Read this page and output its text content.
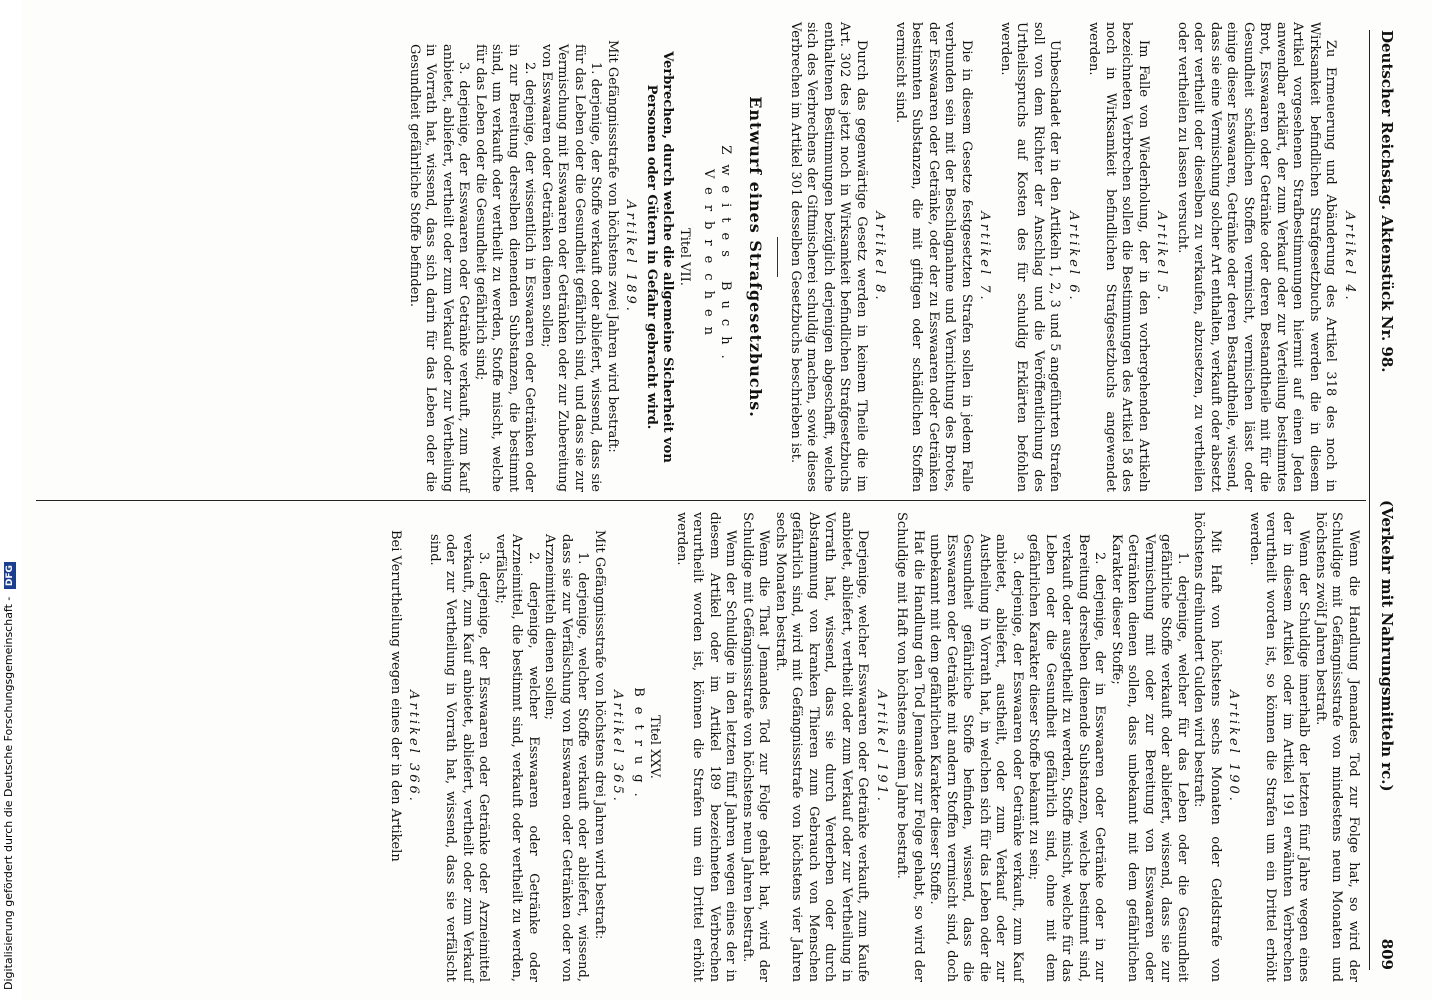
Digitalisierung gefördert durch die Deutsche Forschungsgemeinschaft - DFG
Deutscher Reichstag. Aktenstück Nr. 98.
(Verkehr mit Nahrungsmitteln rc.)
809
Artikel 4.

Zu Ermeuerung und Abänderung des Artikel 318 des noch in Wirksamkeit befindlichen Strafgesetzbuchs werden die in diesem Artikel vorgesehenen Strafbestimmungen hiermit auf einen Jeden anwendbar erklärt, der zum Verkauf oder zur Verteilung bestimmtes Brot, Esswaaren oder Getränke oder deren Bestandtheile mit für die Gesundheit schädlichen Stoffen vermischt, vermischen lässt oder einige dieser Esswaaren, Getränke oder deren Bestandtheile, wissend, dass sie eine Vermischung solcher Art enthalten, verkauft oder absetzt oder vertheilt oder dieselben zu verkaufen, abzusetzen, zu vertheilen oder vertheilen zu lassen versucht.

Artikel 5.

Im Falle von Wiederholung, der in den vorhergehenden Artikeln bezeichneten Verbrechen sollen die Bestimmungen des Artikel 58 des noch in Wirksamkeit befindlichen Strafgesetzbuchs angewendet werden.

Artikel 6.

Unbeschadet der in den Artikeln 1, 2, 3 und 5 angeführten Strafen soll von dem Richter der Anschlag und die Veröffentlichung des Urtheilsspruchs auf Kosten des für schuldig Erklärten befohlen werden.

Artikel 7.

Die in diesem Gesetze festgesetzten Strafen sollen in jedem Falle verbunden sein mit der Beschlagnahme und Vernichtung des Brotes, der Esswaaren oder Getränke, oder der zu Esswaaren oder Getränken bestimmten Substanzen, die mit giftigen oder schädlichen Stoffen vermischt sind.

Artikel 8.

Durch das gegenwärtige Gesetz werden in keinem Theile die im Art. 302 des jetzt noch in Wirksamkeit befindlichen Strafgesetzbuchs enthaltenen Bestimmungen bezüglich derjenigen abgeschafft, welche sich des Verbrechens der Giftmischerei schuldig machen, sowie dieses Verbrechen im Artikel 301 desselben Gesetzbuchs beschrieben ist.

Entwurf eines Strafgesetzbuchs.
Zweites Buch.
Verbrechen
Titel VII.
Verbrechen, durch welche die allgemeine Sicherheit von Personen oder Gütern in Gefahr gebracht wird.
Artikel 189.

Mit Gefängnissstrafe von höchstens zwei Jahren wird bestraft:

1. derjenige, der Stoffe verkauft oder abliefert, wissend, dass sie für das Leben oder die Gesundheit gefährlich sind, und dass sie zur Vermischung mit Esswaaren oder Getränken oder zur Zubereitung von Esswaaren oder Getränken dienen sollen;

2. derjenige, der wissentlich in Esswaaren oder Getränken oder in zur Bereitung derselben dienenden Substanzen, die bestimmt sind, um verkauft oder vertheilt zu werden, Stoffe mischt, welche für das Leben oder die Gesundheit gefährlich sind;

3. derjenige, der Esswaaren oder Getränke verkauft, zum Kauf anbietet, abliefert, vertheilt oder zum Verkauf oder zur Vertheilung in Vorrath hat, wissend, dass sich darin für das Leben oder die Gesundheit gefährliche Stoffe befinden.

Wenn die Handlung Jemandes Tod zur Folge hat, so wird der Schuldige mit Gefängnissstrafe von mindestens neun Monaten und höchstens zwölf Jahren bestraft.

Wenn der Schuldige innerhalb der letzten fünf Jahre wegen eines der in diesem Artikel oder im Artikel 191 erwähnten Verbrechen verurtheilt worden ist, so können die Strafen um ein Drittel erhöht werden.

Artikel 190.

Mit Haft von höchstens sechs Monaten oder Geldstrafe von höchstens dreihundert Gulden wird bestraft:

1. derjenige, welcher für das Leben oder die Gesundheit gefährliche Stoffe verkauft oder abliefert, wissend, dass sie zur Vermischung mit oder zur Bereitung von Esswaaren oder Getränken dienen sollen, dass unbekannt mit dem gefährlichen Karakter dieser Stoffe;

2. derjenige, der in Esswaaren oder Getränke oder in zur Bereitung derselben dienende Substanzen, welche bestimmt sind, verkauft oder ausgetheilt zu werden, Stoffe mischt, welche für das Leben oder die Gesundheit gefährlich sind, ohne mit dem gefährlichen Karakter dieser Stoffe bekannt zu sein;

3. derjenige, der Esswaaren oder Getränke verkauft, zum Kauf anbietet, abliefert, austheilt, oder zum Verkauf oder zur Austheilung in Vorrath hat, in welchen sich für das Leben oder die Gesundheit gefährliche Stoffe befinden, wissend, dass die Esswaaren oder Getränke mit andern Stoffen vermischt sind, doch unbekannt mit dem gefährlichen Karakter dieser Stoffe.

Hat die Handlung den Tod Jemandes zur Folge gehabt, so wird der Schuldige mit Haft von höchstens einem Jahre bestraft.

Artikel 191.

Derjenige, welcher Esswaaren oder Getränke verkauft, zum Kaufe anbietet, abliefert, vertheilt oder zum Verkauf oder zur Vertheilung in Vorrath hat, wissend, dass sie durch Verderben oder durch Abstammung von kranken Thieren zum Gebrauch von Menschen gefährlich sind, wird mit Gefängnissstrafe von höchstens vier Jahren sechs Monaten bestraft.

Wenn die That Jemandes Tod zur Folge gehabt hat, wird der Schuldige mit Gefängnissstrafe von höchstens neun Jahren bestraft.

Wenn der Schuldige in den letzten fünf Jahren wegen eines der in diesem Artikel oder im Artikel 189 bezeichneten Verbrechen verurtheilt worden ist, können die Strafen um ein Drittel erhöht werden.

Titel XXV.
Betrug.
Artikel 365.

Mit Gefängnissstrafe von höchstens drei Jahren wird bestraft:

1. derjenige, welcher Stoffe verkauft oder abliefert, wissend, dass sie zur Verfälschung von Esswaaren oder Getränken oder von Arzneimitteln dienen sollen;

2. derjenige, welcher Esswaaren oder Getränke oder Arzneimittel, die bestimmt sind, verkauft oder vertheilt zu werden, verfälscht;

3. derjenige, der Esswaaren oder Getränke oder Arzneimittel verkauft, zum Kauf anbietet, abliefert, vertheilt oder zum Verkauf oder zur Vertheilung in Vorrath hat, wissend, dass sie verfälscht sind.

Artikel 366.

Bei Verurtheilung wegen eines der in den Artikeln
